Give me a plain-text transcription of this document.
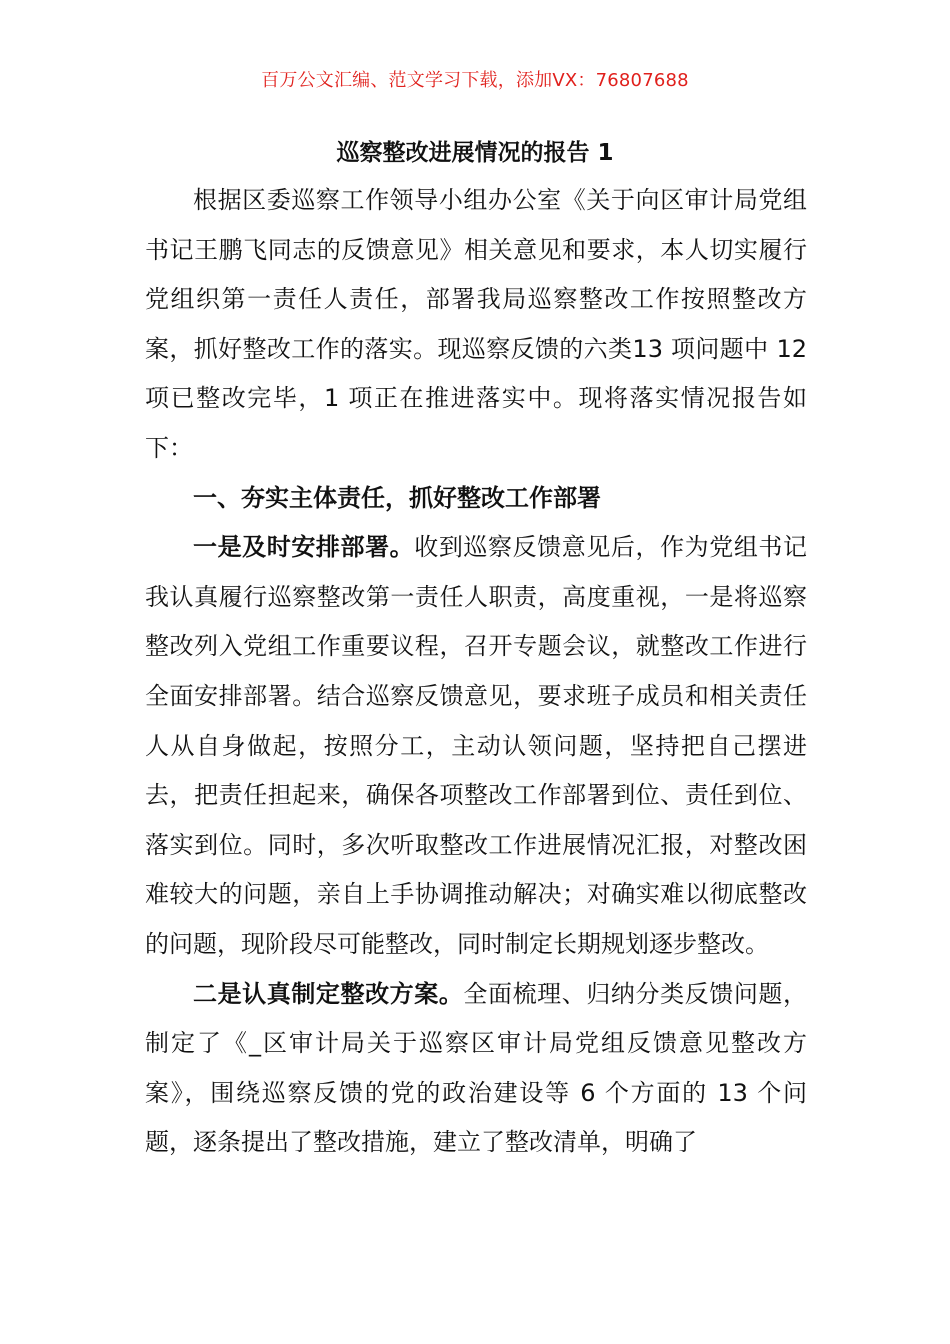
百万公文汇编、范文学习下载，添加VX：76807688
巡察整改进展情况的报告 1

根据区委巡察工作领导小组办公室《关于向区审计局党组书记王鹏飞同志的反馈意见》相关意见和要求，本人切实履行党组织第一责任人责任，部署我局巡察整改工作按照整改方案，抓好整改工作的落实。现巡察反馈的六类13 项问题中 12 项已整改完毕，1 项正在推进落实中。现将落实情况报告如下：

一、夯实主体责任，抓好整改工作部署

一是及时安排部署。收到巡察反馈意见后，作为党组书记我认真履行巡察整改第一责任人职责，高度重视，一是将巡察整改列入党组工作重要议程，召开专题会议，就整改工作进行全面安排部署。结合巡察反馈意见，要求班子成员和相关责任人从自身做起，按照分工，主动认领问题，坚持把自己摆进去，把责任担起来，确保各项整改工作部署到位、责任到位、落实到位。同时，多次听取整改工作进展情况汇报，对整改困难较大的问题，亲自上手协调推动解决；对确实难以彻底整改的问题，现阶段尽可能整改，同时制定长期规划逐步整改。

二是认真制定整改方案。全面梳理、归纳分类反馈问题，制定了《_区审计局关于巡察区审计局党组反馈意见整改方案》，围绕巡察反馈的党的政治建设等 6 个方面的 13 个问题，逐条提出了整改措施，建立了整改清单，明确了
